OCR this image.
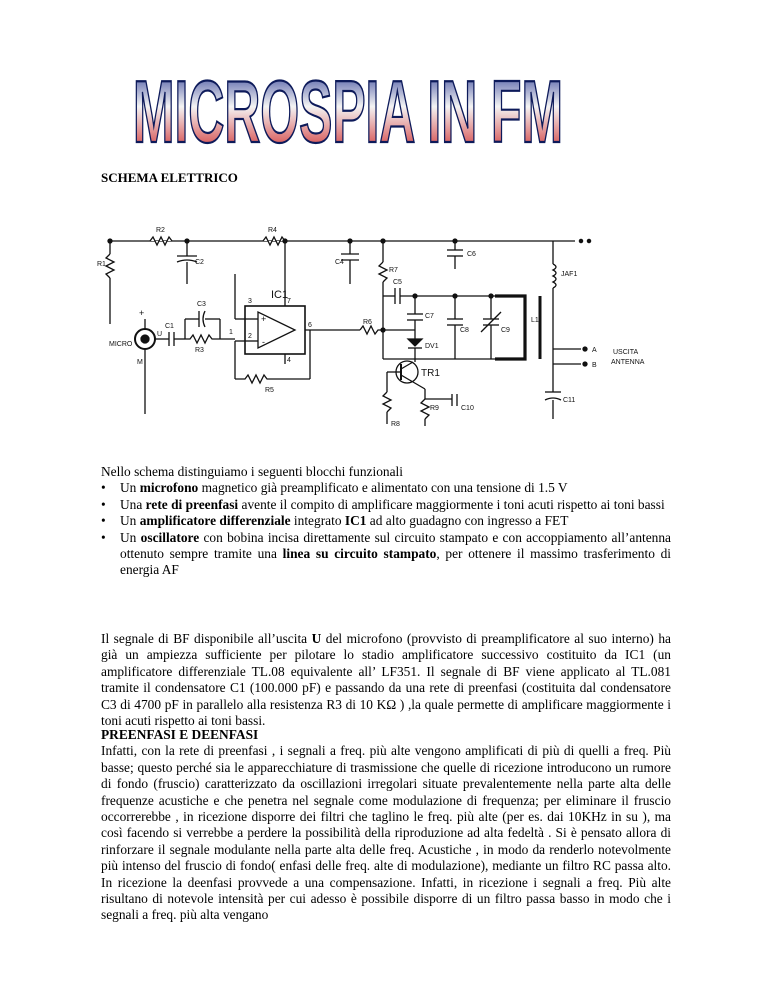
MICROSPIA IN FM
SCHEMA ELETTRICO
R1
R2
C2
R4
C4
R7
C6
JAF1
C5
C7
C8	C9
L1
DV1
R6
C3
R3
C1
R5
R8
R9	C10
C11
MICRO
U
M
A
B
USCITA
ANTENNA
3	7
2
6
4
1
+
-
+
IC1
TR1
Nello schema distinguiamo i seguenti blocchi funzionali
• Un microfono magnetico già preamplificato e alimentato con una tensione di 1.5 V
• Una rete di preenfasi avente il compito di amplificare maggiormente i toni acuti rispetto ai toni bassi
• Un amplificatore differenziale integrato IC1 ad alto guadagno con ingresso a FET
• Un oscillatore con bobina incisa direttamente sul circuito stampato e con accoppiamento all’antenna ottenuto sempre tramite una linea su circuito stampato, per ottenere il massimo trasferimento di energia AF
Il segnale di BF disponibile all’uscita U del microfono (provvisto di preamplificatore al suo interno) ha già un ampiezza sufficiente per pilotare lo stadio amplificatore successivo costituito da IC1 (un amplificatore differenziale TL.08 equivalente all’ LF351. Il segnale di BF viene applicato al TL.081 tramite il condensatore C1 (100.000 pF) e passando da una rete di preenfasi (costituita dal condensatore C3 di 4700 pF in parallelo alla resistenza R3 di 10 KΩ ) ,la quale permette di amplificare maggiormente i toni acuti rispetto ai toni bassi.
PREENFASI E DEENFASI
Infatti, con la rete di preenfasi , i segnali a freq. più alte vengono amplificati di più di quelli a freq. Più basse; questo perché sia le apparecchiature di trasmissione che quelle di ricezione introducono un rumore di fondo (fruscio) caratterizzato da oscillazioni irregolari situate prevalentemente nella parte alta delle frequenze acustiche e che penetra nel segnale come modulazione di frequenza; per eliminare il fruscio occorrerebbe , in ricezione disporre dei filtri che taglino le freq. più alte (per es. dai 10KHz in su ), ma così facendo si verrebbe a perdere la possibilità della riproduzione ad alta fedeltà . Si è pensato allora di rinforzare il segnale modulante nella parte alta delle freq. Acustiche , in modo da renderlo notevolmente più intenso del fruscio di fondo( enfasi delle freq. alte di modulazione), mediante un filtro RC passa alto. In ricezione la deenfasi provvede a una compensazione. Infatti, in ricezione i segnali a freq. Più alte risultano di notevole intensità per cui adesso è possibile disporre di un filtro passa basso in modo che i segnali a freq. più alta vengano
